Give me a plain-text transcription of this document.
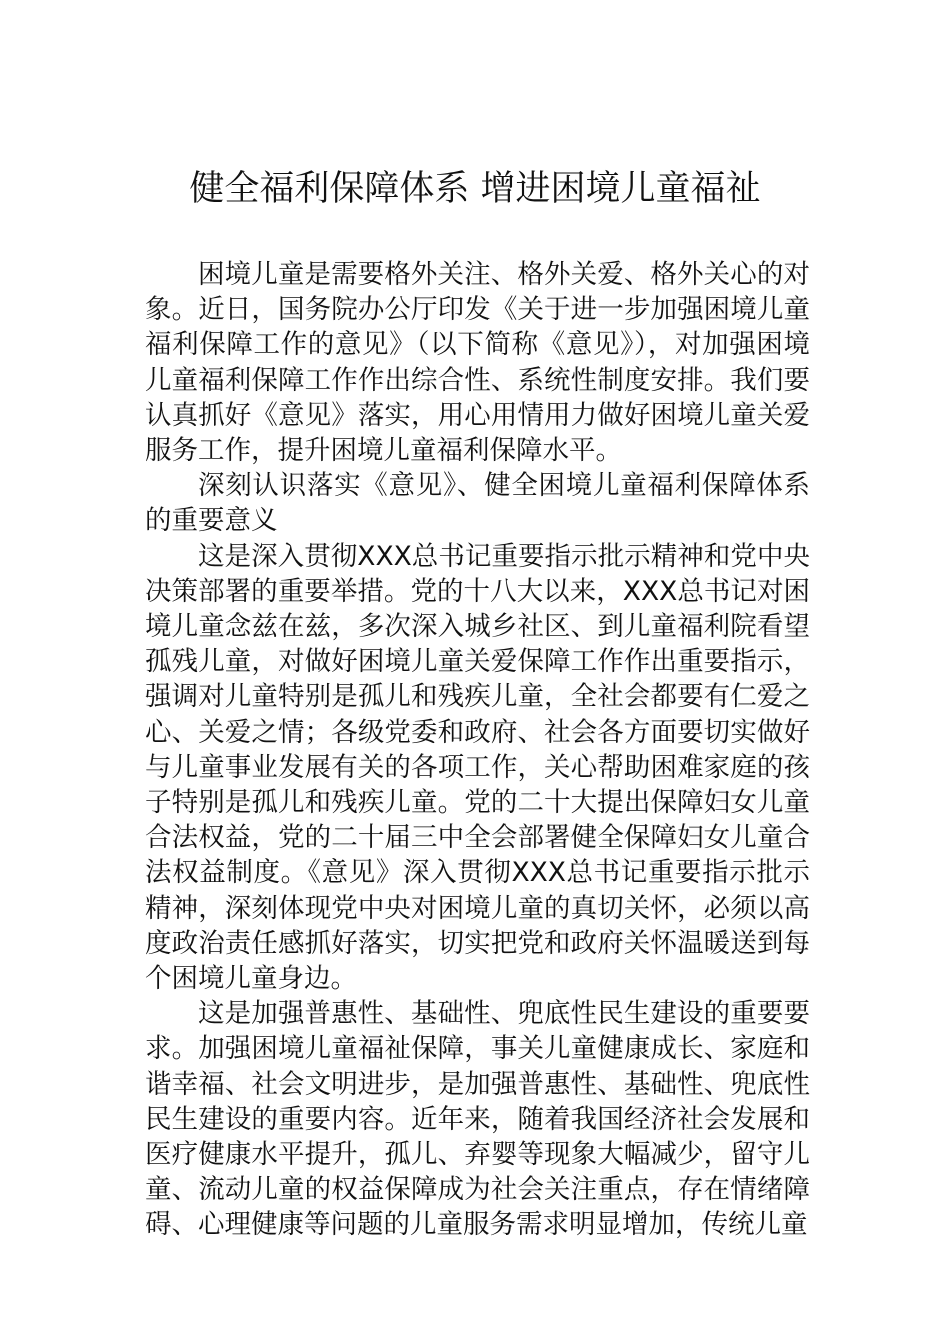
健全福利保障体系 增进困境儿童福祉

困境儿童是需要格外关注、格外关爱、格外关心的对象。近日，国务院办公厅印发《关于进一步加强困境儿童福利保障工作的意见》（以下简称《意见》），对加强困境儿童福利保障工作作出综合性、系统性制度安排。我们要认真抓好《意见》落实，用心用情用力做好困境儿童关爱服务工作，提升困境儿童福利保障水平。

深刻认识落实《意见》、健全困境儿童福利保障体系的重要意义

这是深入贯彻XXX总书记重要指示批示精神和党中央决策部署的重要举措。党的十八大以来，XXX总书记对困境儿童念兹在兹，多次深入城乡社区、到儿童福利院看望孤残儿童，对做好困境儿童关爱保障工作作出重要指示，强调对儿童特别是孤儿和残疾儿童，全社会都要有仁爱之心、关爱之情；各级党委和政府、社会各方面要切实做好与儿童事业发展有关的各项工作，关心帮助困难家庭的孩子特别是孤儿和残疾儿童。党的二十大提出保障妇女儿童合法权益，党的二十届三中全会部署健全保障妇女儿童合法权益制度。《意见》深入贯彻XXX总书记重要指示批示精神，深刻体现党中央对困境儿童的真切关怀，必须以高度政治责任感抓好落实，切实把党和政府关怀温暖送到每个困境儿童身边。

这是加强普惠性、基础性、兜底性民生建设的重要要求。加强困境儿童福祉保障，事关儿童健康成长、家庭和谐幸福、社会文明进步，是加强普惠性、基础性、兜底性民生建设的重要内容。近年来，随着我国经济社会发展和医疗健康水平提升，孤儿、弃婴等现象大幅减少，留守儿童、流动儿童的权益保障成为社会关注重点，存在情绪障碍、心理健康等问题的儿童服务需求明显增加，传统儿童
